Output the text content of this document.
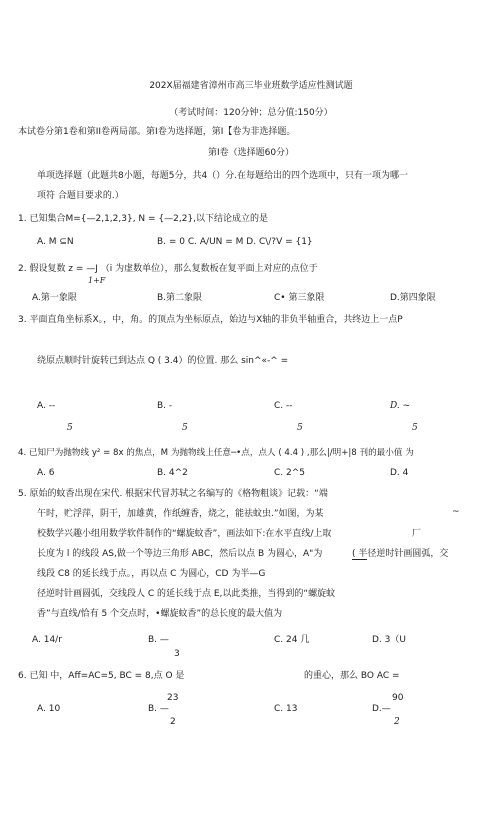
202X届福建省漳州市高三毕业班数学适应性测试题
（考试时间：120分钟；总分值:150分）
本试卷分第1卷和第II卷两局部。第I卷为选择题，第I【卷为非选择题。
第I卷（选择题60分）
单项选择题（此题共8小题，每题5分，共4（）分.在每题给出的四个选项中，只有一项为哪一
项符 合题目要求的.）
1. 已知集合M={—2,1,2,3}, N = {—2,2},以下结论成立的是
A. M ⊆N	B. = 0 C. A/UN = M D. C\/?V = {1}
2. 假设复数 z = —J （i 为虚数单位），那么复数板在复平面上对应的点位于
1+F
A.第一象限	B.第二象限	C• 第三象限	D.第四象限
3. 平面直角坐标系X。，中，角。的顶点为坐标原点，始边与X轴的非负半轴重合，共终边上一点P
绕原点顺时针旋转已到达点 Q ( 3.4）的位置. 那么 sin^«-^ =
A. --	B. -	C. --	D. ~
5	5	5	5
4. 已知尸为抛物线 y² = 8x 的焦点，M 为抛物线上任意─•点，点人 ( 4.4 ) ,那么|/明+|8 刊的最小值 为
A. 6	B. 4^2	C. 2^5	D. 4
5. 原始的蚊香出现在宋代. 根据宋代冒苏轼之名编写的《格物粗谈》记载：“端
午时，贮浮萍，阴干，加雄黄，作纸缠香，烧之，能祛蚊虫.”如图，为某	~
校数学兴趣小组用数学软件制作的“螺旋蚊香”，画法如下:在水平直线/上取	厂
长度为 l 的线段 AS,做一个等边三角形 ABC，然后以点 B 为圆心，A"为	( 半径逆时针画圆弧，交
线段 C8 的延长线于点。，再以点 C 为圆心，CD 为半—G
径逆时针画圆弧，交线段人 C 的延长线于点 E,以此类推，当得到的“螺旋蚊
香”与直线/恰有 5 个交点时，•螺旋蚊香”的总长度的最大值为
A. 14/r	B. —
3
C. 24 几	D. 3（U
6. 已知 中，Aff=AC=5, BC = 8,点 O 是	的重心，那么 BO AC =
23	90
A. 10	B. —	C. 13	D.—
2	2
